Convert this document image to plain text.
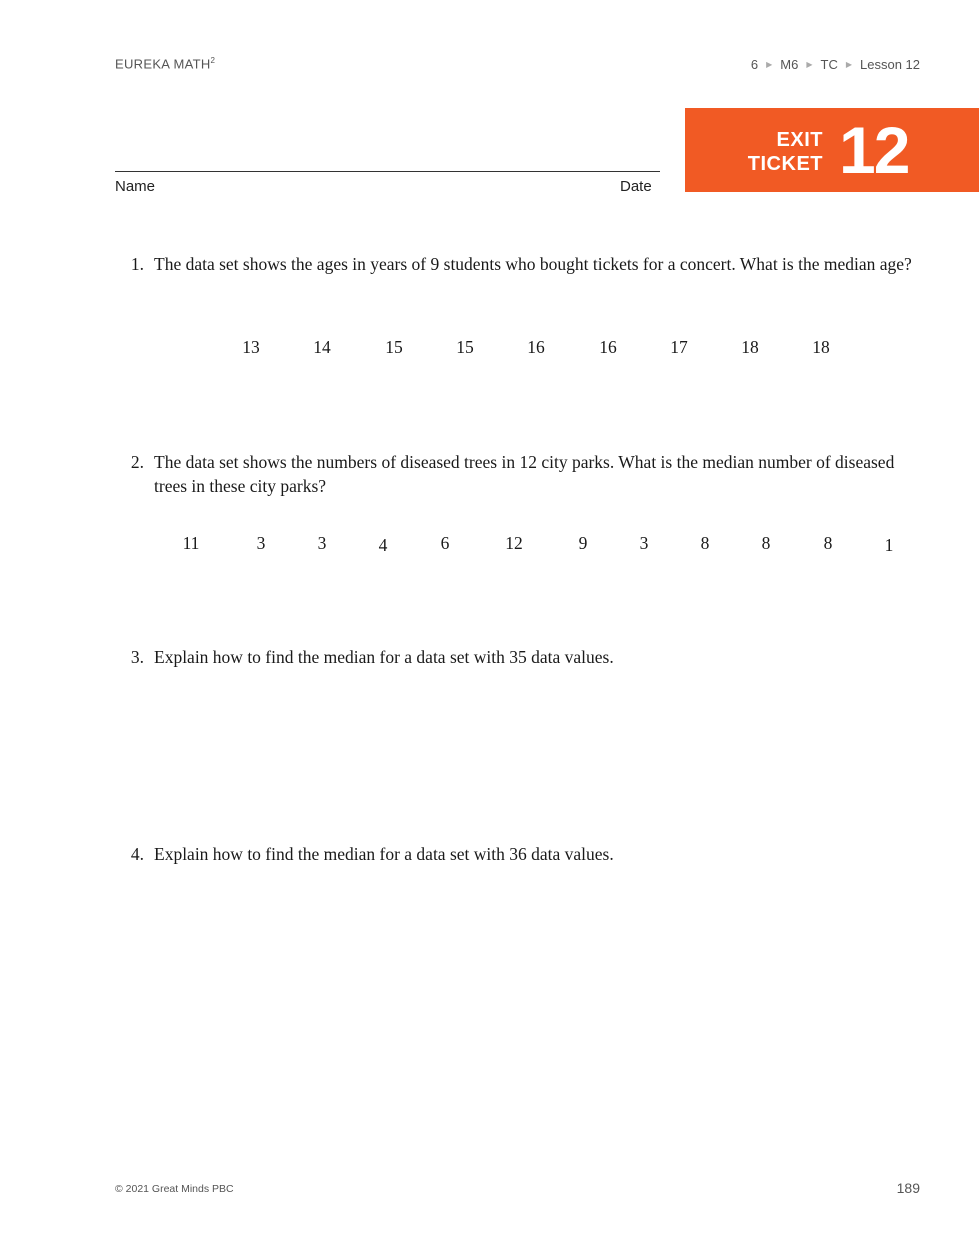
EUREKA MATH$^2$	6 ▶ M6 ▶ TC ▶ Lesson 12
Name	Date
EXIT
TICKET 12
1. The data set shows the ages in years of 9 students who bought tickets for a concert. What is the median age?
13	14	15	15	16	16	17	18	18
2. The data set shows the numbers of diseased trees in 12 city parks. What is the median number of diseased trees in these city parks?
11	3	3	4	6	12	9	3	8	8	8	1
3. Explain how to find the median for a data set with 35 data values.
4. Explain how to find the median for a data set with 36 data values.
© 2021 Great Minds PBC	189
